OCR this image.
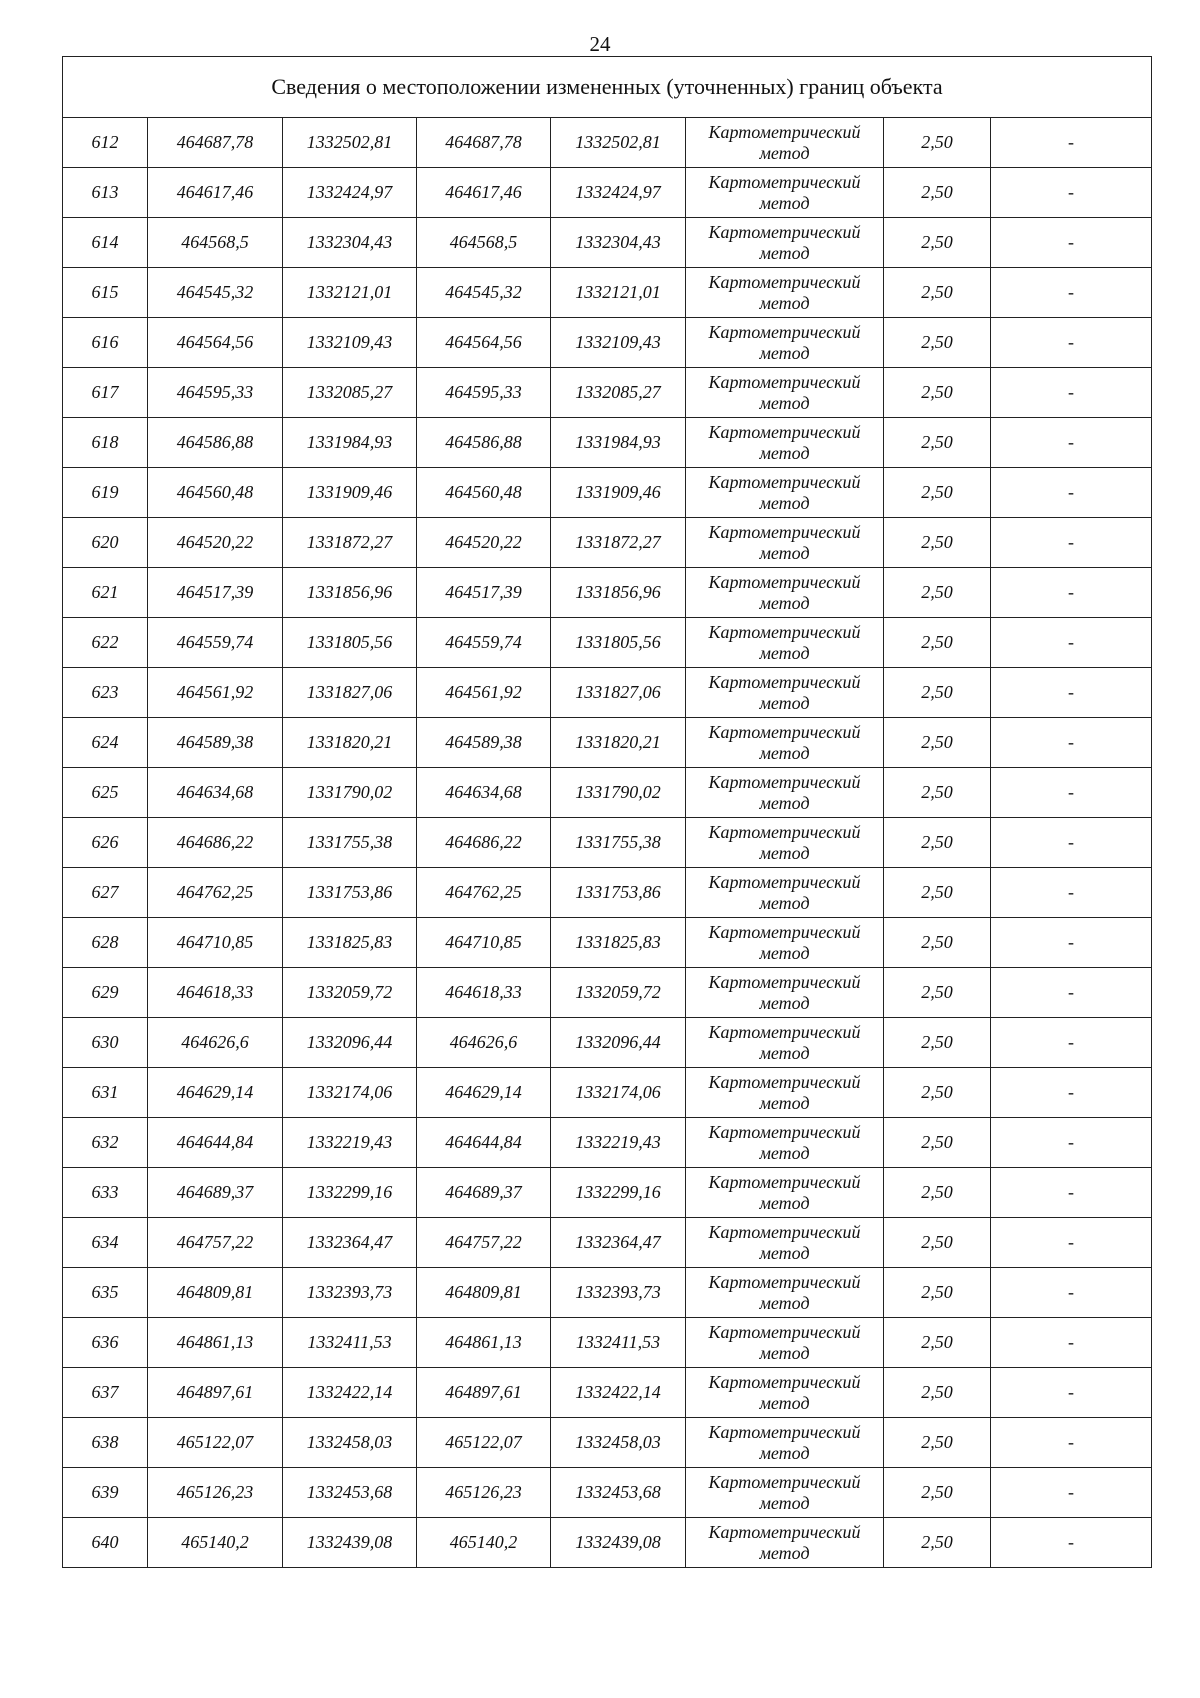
24
Сведения о местоположении измененных (уточненных) границ объекта							
612	464687,78	1332502,81	464687,78	1332502,81	Картометрический
метод	2,50	-
613	464617,46	1332424,97	464617,46	1332424,97	Картометрический
метод	2,50	-
614	464568,5	1332304,43	464568,5	1332304,43	Картометрический
метод	2,50	-
615	464545,32	1332121,01	464545,32	1332121,01	Картометрический
метод	2,50	-
616	464564,56	1332109,43	464564,56	1332109,43	Картометрический
метод	2,50	-
617	464595,33	1332085,27	464595,33	1332085,27	Картометрический
метод	2,50	-
618	464586,88	1331984,93	464586,88	1331984,93	Картометрический
метод	2,50	-
619	464560,48	1331909,46	464560,48	1331909,46	Картометрический
метод	2,50	-
620	464520,22	1331872,27	464520,22	1331872,27	Картометрический
метод	2,50	-
621	464517,39	1331856,96	464517,39	1331856,96	Картометрический
метод	2,50	-
622	464559,74	1331805,56	464559,74	1331805,56	Картометрический
метод	2,50	-
623	464561,92	1331827,06	464561,92	1331827,06	Картометрический
метод	2,50	-
624	464589,38	1331820,21	464589,38	1331820,21	Картометрический
метод	2,50	-
625	464634,68	1331790,02	464634,68	1331790,02	Картометрический
метод	2,50	-
626	464686,22	1331755,38	464686,22	1331755,38	Картометрический
метод	2,50	-
627	464762,25	1331753,86	464762,25	1331753,86	Картометрический
метод	2,50	-
628	464710,85	1331825,83	464710,85	1331825,83	Картометрический
метод	2,50	-
629	464618,33	1332059,72	464618,33	1332059,72	Картометрический
метод	2,50	-
630	464626,6	1332096,44	464626,6	1332096,44	Картометрический
метод	2,50	-
631	464629,14	1332174,06	464629,14	1332174,06	Картометрический
метод	2,50	-
632	464644,84	1332219,43	464644,84	1332219,43	Картометрический
метод	2,50	-
633	464689,37	1332299,16	464689,37	1332299,16	Картометрический
метод	2,50	-
634	464757,22	1332364,47	464757,22	1332364,47	Картометрический
метод	2,50	-
635	464809,81	1332393,73	464809,81	1332393,73	Картометрический
метод	2,50	-
636	464861,13	1332411,53	464861,13	1332411,53	Картометрический
метод	2,50	-
637	464897,61	1332422,14	464897,61	1332422,14	Картометрический
метод	2,50	-
638	465122,07	1332458,03	465122,07	1332458,03	Картометрический
метод	2,50	-
639	465126,23	1332453,68	465126,23	1332453,68	Картометрический
метод	2,50	-
640	465140,2	1332439,08	465140,2	1332439,08	Картометрический
метод	2,50	-
